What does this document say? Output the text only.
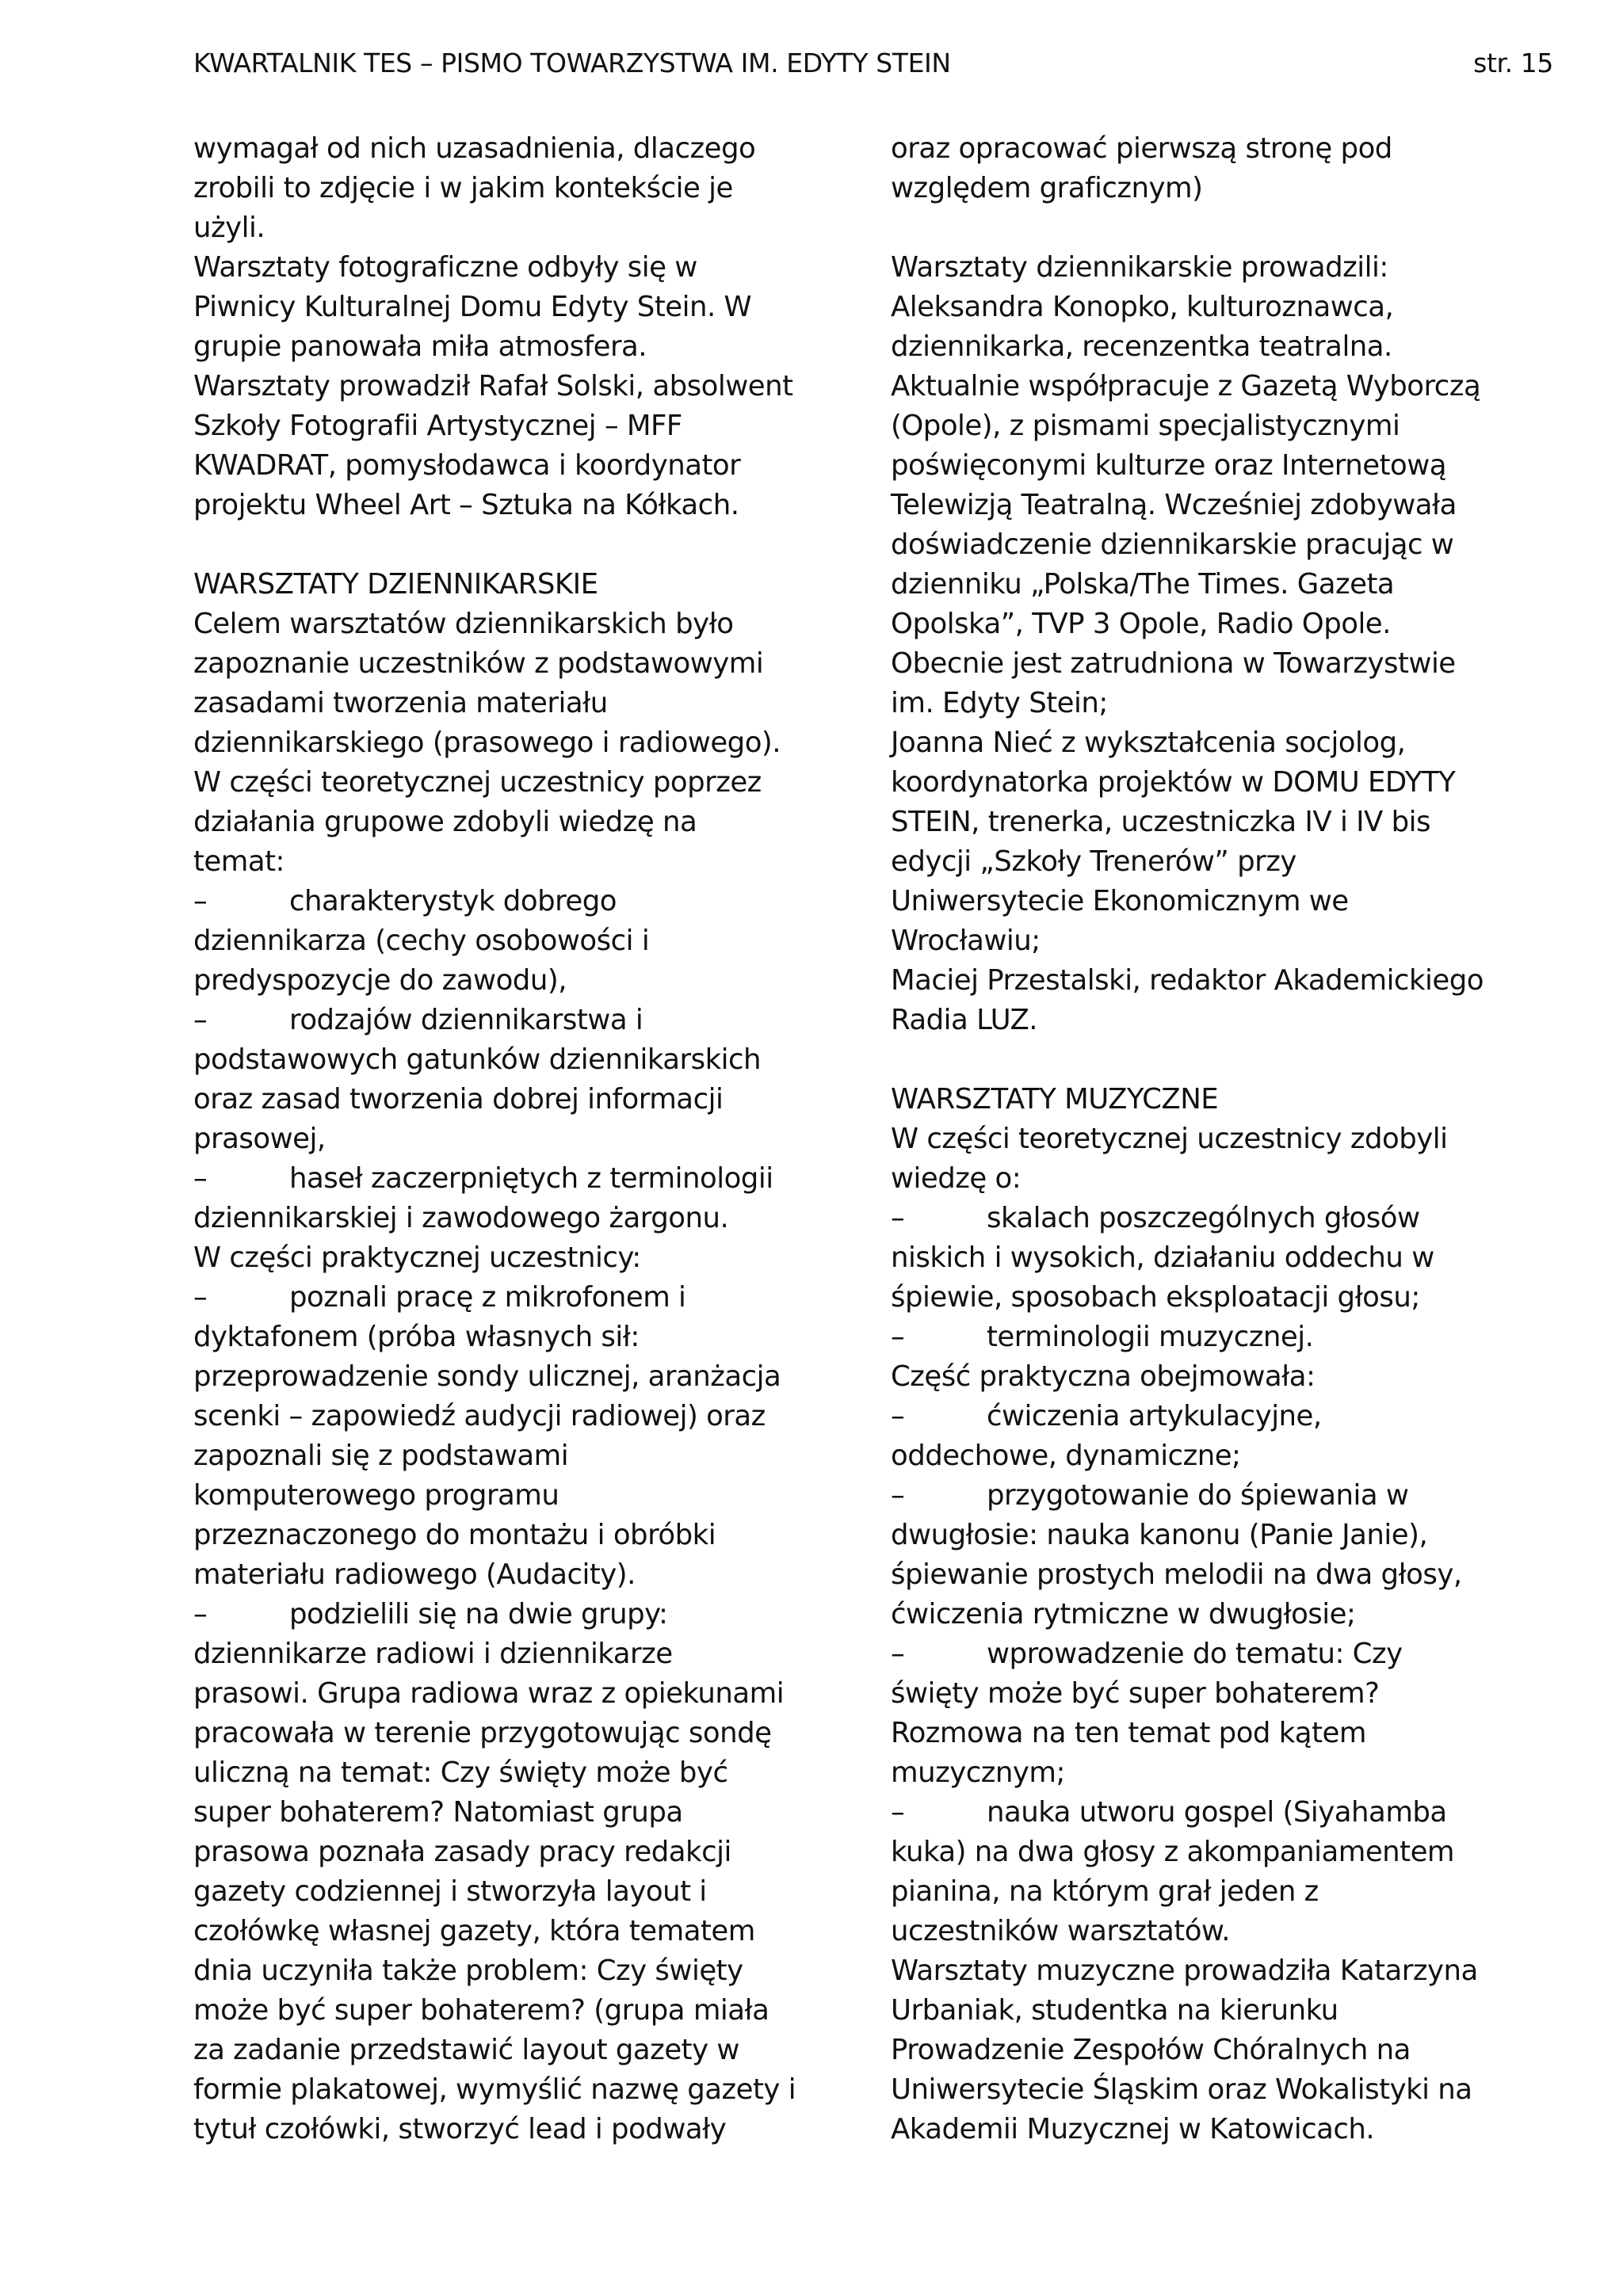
KWARTALNIK TES – PISMO TOWARZYSTWA IM. EDYTY STEIN	str. 15
wymagał od nich uzasadnienia, dlaczego
zrobili to zdjęcie i w jakim kontekście je
użyli.
Warsztaty fotograficzne odbyły się w
Piwnicy Kulturalnej Domu Edyty Stein. W
grupie panowała miła atmosfera.
Warsztaty prowadził Rafał Solski, absolwent
Szkoły Fotografii Artystycznej – MFF
KWADRAT, pomysłodawca i koordynator
projektu Wheel Art – Sztuka na Kółkach.
WARSZTATY DZIENNIKARSKIE
Celem warsztatów dziennikarskich było
zapoznanie uczestników z podstawowymi
zasadami tworzenia materiału
dziennikarskiego (prasowego i radiowego).
W części teoretycznej uczestnicy poprzez
działania grupowe zdobyli wiedzę na
temat:
–	charakterystyk dobrego
dziennikarza (cechy osobowości i
predyspozycje do zawodu),
–	rodzajów dziennikarstwa i
podstawowych gatunków dziennikarskich
oraz zasad tworzenia dobrej informacji
prasowej,
–	haseł zaczerpniętych z terminologii
dziennikarskiej i zawodowego żargonu.
W części praktycznej uczestnicy:
–	poznali pracę z mikrofonem i
dyktafonem (próba własnych sił:
przeprowadzenie sondy ulicznej, aranżacja
scenki – zapowiedź audycji radiowej) oraz
zapoznali się z podstawami
komputerowego programu
przeznaczonego do montażu i obróbki
materiału radiowego (Audacity).
–	podzielili się na dwie grupy:
dziennikarze radiowi i dziennikarze
prasowi. Grupa radiowa wraz z opiekunami
pracowała w terenie przygotowując sondę
uliczną na temat: Czy święty może być
super bohaterem? Natomiast grupa
prasowa poznała zasady pracy redakcji
gazety codziennej i stworzyła layout i
czołówkę własnej gazety, która tematem
dnia uczyniła także problem: Czy święty
może być super bohaterem? (grupa miała
za zadanie przedstawić layout gazety w
formie plakatowej, wymyślić nazwę gazety i
tytuł czołówki, stworzyć lead i podwały
oraz opracować pierwszą stronę pod
względem graficznym)
Warsztaty dziennikarskie prowadzili:
Aleksandra Konopko, kulturoznawca,
dziennikarka, recenzentka teatralna.
Aktualnie współpracuje z Gazetą Wyborczą
(Opole), z pismami specjalistycznymi
poświęconymi kulturze oraz Internetową
Telewizją Teatralną. Wcześniej zdobywała
doświadczenie dziennikarskie pracując w
dzienniku „Polska/The Times. Gazeta
Opolska”, TVP 3 Opole, Radio Opole.
Obecnie jest zatrudniona w Towarzystwie
im. Edyty Stein;
Joanna Nieć z wykształcenia socjolog,
koordynatorka projektów w DOMU EDYTY
STEIN, trenerka, uczestniczka IV i IV bis
edycji „Szkoły Trenerów” przy
Uniwersytecie Ekonomicznym we
Wrocławiu;
Maciej Przestalski, redaktor Akademickiego
Radia LUZ.
WARSZTATY MUZYCZNE
W części teoretycznej uczestnicy zdobyli
wiedzę o:
–	skalach poszczególnych głosów
niskich i wysokich, działaniu oddechu w
śpiewie, sposobach eksploatacji głosu;
–	terminologii muzycznej.
Część praktyczna obejmowała:
–	ćwiczenia artykulacyjne,
oddechowe, dynamiczne;
–	przygotowanie do śpiewania w
dwugłosie: nauka kanonu (Panie Janie),
śpiewanie prostych melodii na dwa głosy,
ćwiczenia rytmiczne w dwugłosie;
–	wprowadzenie do tematu: Czy
święty może być super bohaterem?
Rozmowa na ten temat pod kątem
muzycznym;
–	nauka utworu gospel (Siyahamba
kuka) na dwa głosy z akompaniamentem
pianina, na którym grał jeden z
uczestników warsztatów.
Warsztaty muzyczne prowadziła Katarzyna
Urbaniak, studentka na kierunku
Prowadzenie Zespołów Chóralnych na
Uniwersytecie Śląskim oraz Wokalistyki na
Akademii Muzycznej w Katowicach.
